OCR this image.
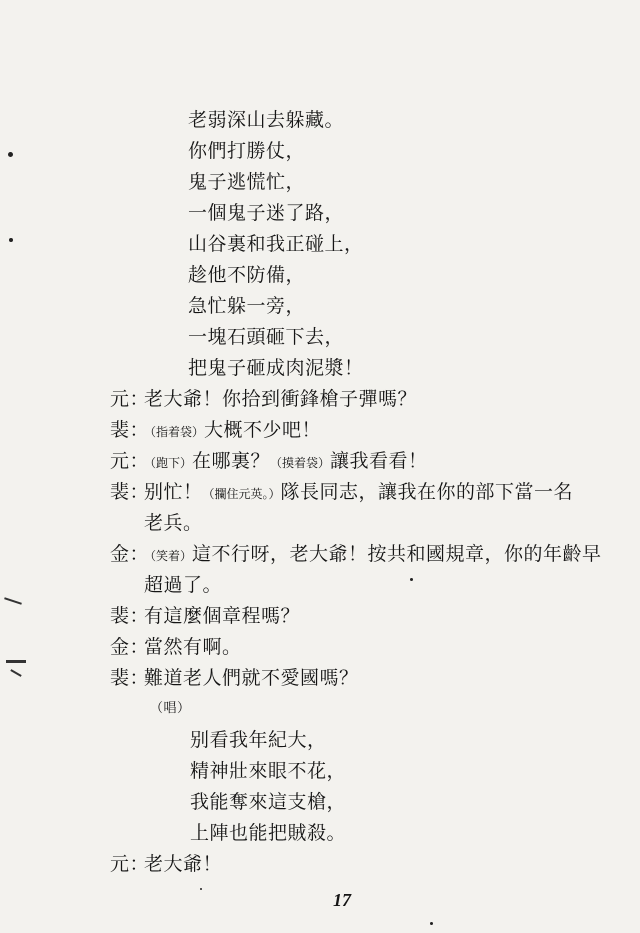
老弱深山去躲藏。
你們打勝仗，
鬼子逃慌忙，
一個鬼子迷了路，
山谷裏和我正碰上，
趁他不防備，
急忙躲一旁，
一塊石頭砸下去，
把鬼子砸成肉泥漿！
元：老大爺！你拾到衝鋒槍子彈嗎？
裴：（指着袋）大概不少吧！
元：（跑下）在哪裏？（摸着袋）讓我看看！
裴：别忙！（攔住元英。）隊長同志，讓我在你的部下當一名
老兵。
金：（笑着）這不行呀，老大爺！按共和國規章，你的年齡早
超過了。
裴：有這麼個章程嗎？
金：當然有啊。
裴：難道老人們就不愛國嗎？
（唱）
别看我年紀大，
精神壯來眼不花，
我能奪來這支槍，
上陣也能把賊殺。
元：老大爺！
17
